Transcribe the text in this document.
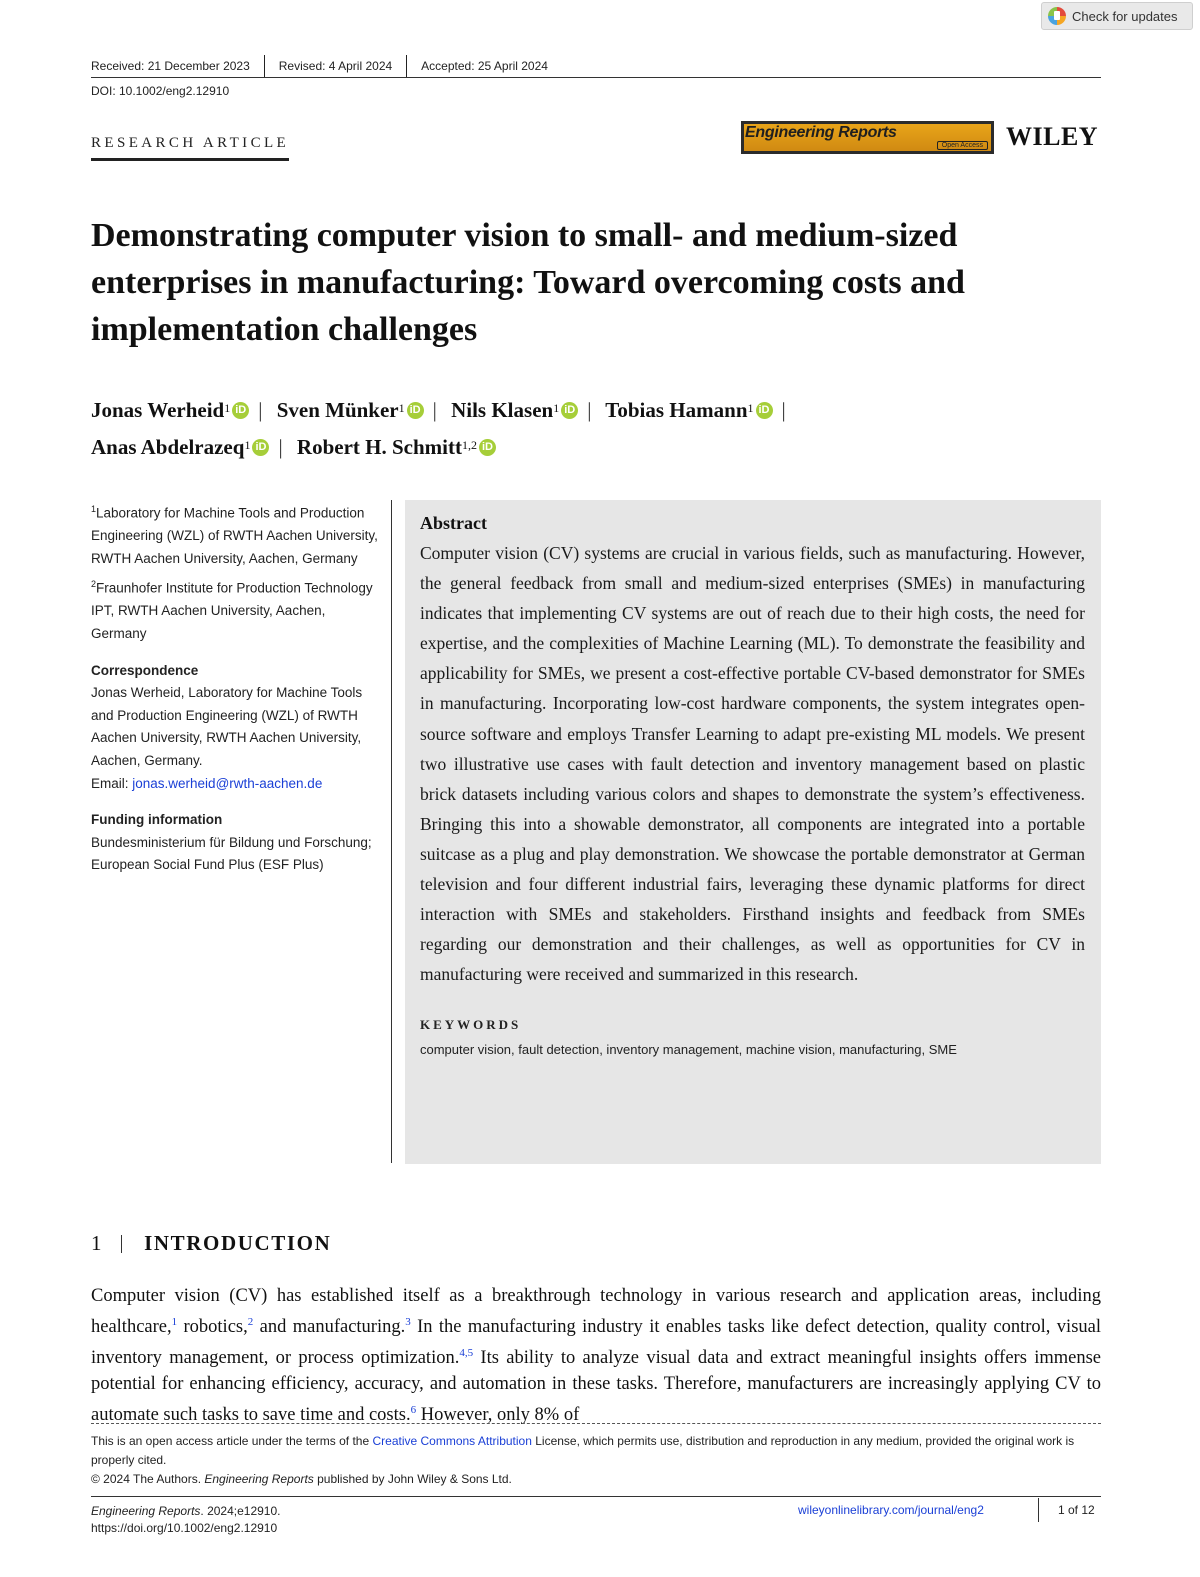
Check for updates
Received: 21 December 2023 Revised: 4 April 2024 Accepted: 25 April 2024
DOI: 10.1002/eng2.12910
RESEARCH ARTICLE
Engineering Reports
Open Access WILEY
Demonstrating computer vision to small- and medium-sized enterprises in manufacturing: Toward overcoming costs and implementation challenges
Jonas Werheid$^1$ iD | Sven Münker$^1$ iD | Nils Klasen$^1$ iD | Tobias Hamann$^1$ iD |
Anas Abdelrazeq$^1$ iD | Robert H. Schmitt$^{1,2}$ iD
$^1$Laboratory for Machine Tools and Production Engineering (WZL) of RWTH Aachen University, RWTH Aachen University, Aachen, Germany
$^2$Fraunhofer Institute for Production Technology IPT, RWTH Aachen University, Aachen, Germany
Correspondence
Jonas Werheid, Laboratory for Machine Tools and Production Engineering (WZL) of RWTH Aachen University, RWTH Aachen University, Aachen, Germany.
Email: jonas.werheid@rwth-aachen.de
Funding information
Bundesministerium für Bildung und Forschung; European Social Fund Plus (ESF Plus)
Abstract

Computer vision (CV) systems are crucial in various fields, such as manufacturing. However, the general feedback from small and medium-sized enterprises (SMEs) in manufacturing indicates that implementing CV systems are out of reach due to their high costs, the need for expertise, and the complexities of Machine Learning (ML). To demonstrate the feasibility and applicability for SMEs, we present a cost-effective portable CV-based demonstrator for SMEs in manufacturing. Incorporating low-cost hardware components, the system integrates open-source software and employs Transfer Learning to adapt pre-existing ML models. We present two illustrative use cases with fault detection and inventory management based on plastic brick datasets including various colors and shapes to demonstrate the system’s effectiveness. Bringing this into a showable demonstrator, all components are integrated into a portable suitcase as a plug and play demonstration. We showcase the portable demonstrator at German television and four different industrial fairs, leveraging these dynamic platforms for direct interaction with SMEs and stakeholders. Firsthand insights and feedback from SMEs regarding our demonstration and their challenges, as well as opportunities for CV in manufacturing were received and summarized in this research.

KEYWORDS
computer vision, fault detection, inventory management, machine vision, manufacturing, SME
1 INTRODUCTION

Computer vision (CV) has established itself as a breakthrough technology in various research and application areas, including healthcare,$^1$ robotics,$^2$ and manufacturing.$^3$ In the manufacturing industry it enables tasks like defect detection, quality control, visual inventory management, or process optimization.$^{4,5}$ Its ability to analyze visual data and extract meaningful insights offers immense potential for enhancing efficiency, accuracy, and automation in these tasks. Therefore, manufacturers are increasingly applying CV to automate such tasks to save time and costs.$^6$ However, only 8% of

This is an open access article under the terms of the Creative Commons Attribution License, which permits use, distribution and reproduction in any medium, provided the original work is properly cited.
© 2024 The Authors. Engineering Reports published by John Wiley & Sons Ltd.
Engineering Reports. 2024;e12910.
https://doi.org/10.1002/eng2.12910
wileyonlinelibrary.com/journal/eng2	1 of 12
